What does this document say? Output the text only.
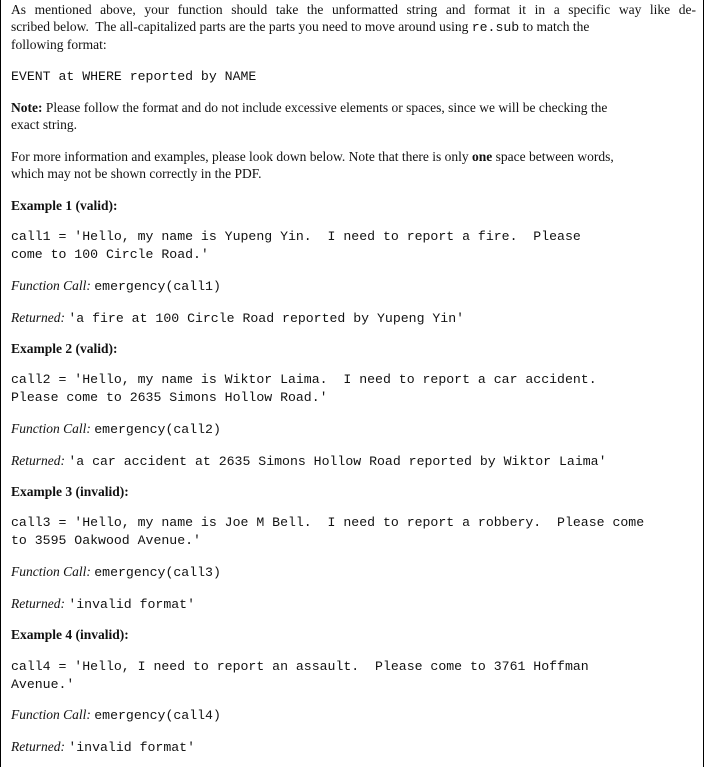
As mentioned above, your function should take the unformatted string and format it in a specific way like de-
scribed below.  The all-capitalized parts are the parts you need to move around using re.sub to match the
following format:
EVENT at WHERE reported by NAME
Note: Please follow the format and do not include excessive elements or spaces, since we will be checking the
exact string.
For more information and examples, please look down below. Note that there is only one space between words,
which may not be shown correctly in the PDF.
Example 1 (valid):
call1 = 'Hello, my name is Yupeng Yin.  I need to report a fire.  Please
come to 100 Circle Road.'
Function Call: emergency(call1)
Returned: 'a fire at 100 Circle Road reported by Yupeng Yin'
Example 2 (valid):
call2 = 'Hello, my name is Wiktor Laima.  I need to report a car accident.
Please come to 2635 Simons Hollow Road.'
Function Call: emergency(call2)
Returned: 'a car accident at 2635 Simons Hollow Road reported by Wiktor Laima'
Example 3 (invalid):
call3 = 'Hello, my name is Joe M Bell.  I need to report a robbery.  Please come
to 3595 Oakwood Avenue.'
Function Call: emergency(call3)
Returned: 'invalid format'
Example 4 (invalid):
call4 = 'Hello, I need to report an assault.  Please come to 3761 Hoffman
Avenue.'
Function Call: emergency(call4)
Returned: 'invalid format'
